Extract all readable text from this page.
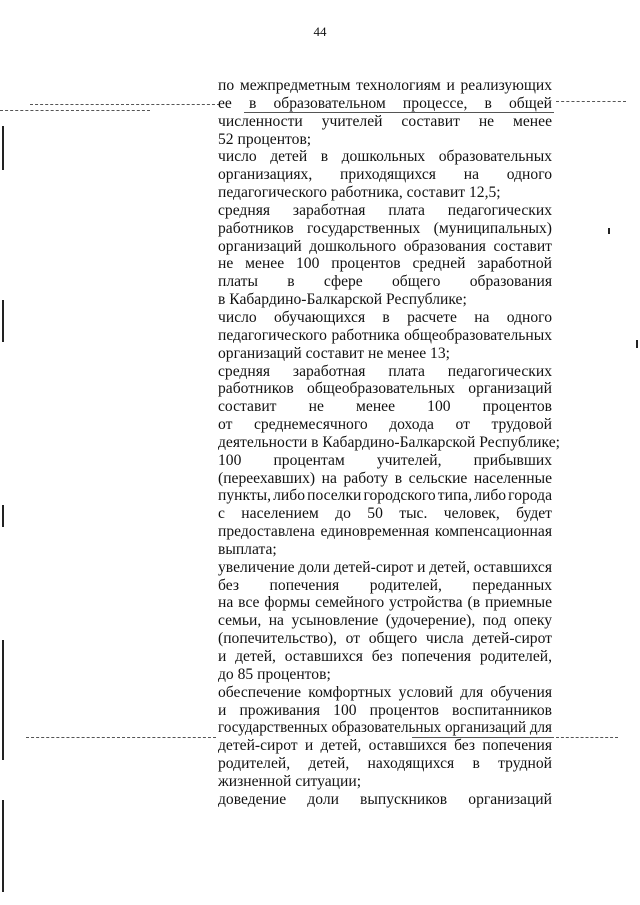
44
по межпредметным технологиям и реализующих
ее в образовательном процессе, в общей
численности учителей составит не менее
52 процентов;
число детей в дошкольных образовательных
организациях, приходящихся на одного
педагогического работника, составит 12,5;
средняя заработная плата педагогических
работников государственных (муниципальных)
организаций дошкольного образования составит
не менее 100 процентов средней заработной
платы в сфере общего образования
в Кабардино-Балкарской Республике;
число обучающихся в расчете на одного
педагогического работника общеобразовательных
организаций составит не менее 13;
средняя заработная плата педагогических
работников общеобразовательных организаций
составит не менее 100 процентов
от среднемесячного дохода от трудовой
деятельности в Кабардино-Балкарской Республике;
100 процентам учителей, прибывших
(переехавших) на работу в сельские населенные
пункты, либо поселки городского типа, либо города
с населением до 50 тыс. человек, будет
предоставлена единовременная компенсационная
выплата;
увеличение доли детей-сирот и детей, оставшихся
без попечения родителей, переданных
на все формы семейного устройства (в приемные
семьи, на усыновление (удочерение), под опеку
(попечительство), от общего числа детей-сирот
и детей, оставшихся без попечения родителей,
до 85 процентов;
обеспечение комфортных условий для обучения
и проживания 100 процентов воспитанников
государственных образовательных организаций для
детей-сирот и детей, оставшихся без попечения
родителей, детей, находящихся в трудной
жизненной ситуации;
доведение доли выпускников организаций
